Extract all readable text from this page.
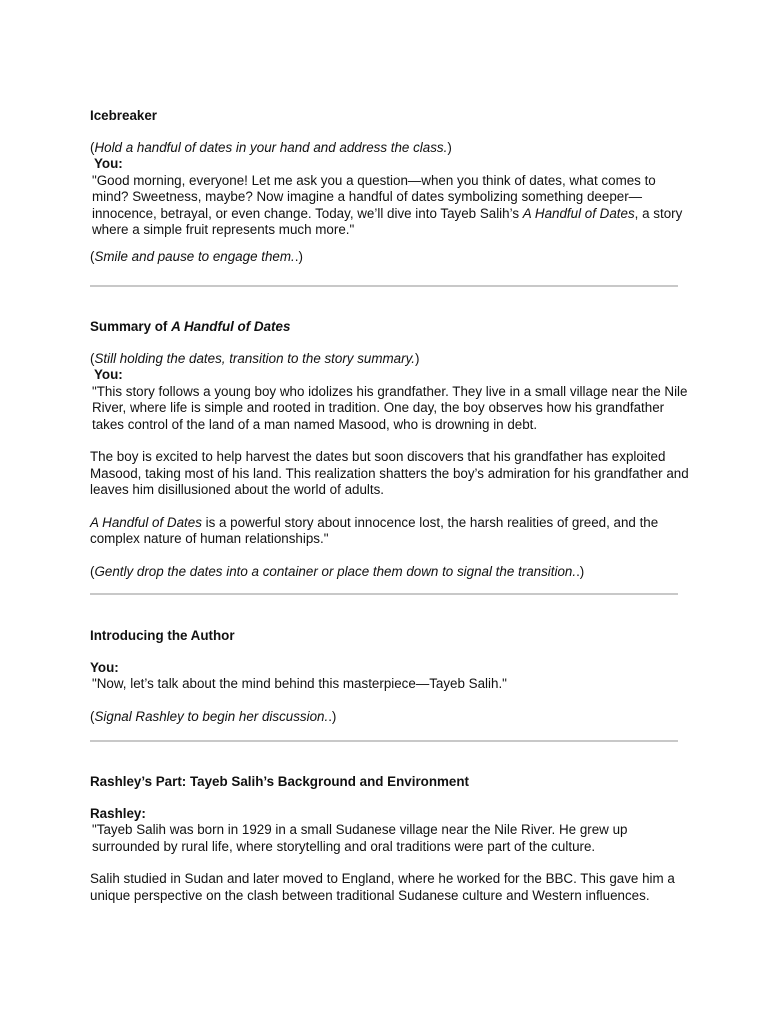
Icebreaker

(Hold a handful of dates in your hand and address the class.)

You:

"Good morning, everyone! Let me ask you a question—when you think of dates, what comes to mind? Sweetness, maybe? Now imagine a handful of dates symbolizing something deeper—innocence, betrayal, or even change. Today, we’ll dive into Tayeb Salih’s A Handful of Dates, a story where a simple fruit represents much more."

(Smile and pause to engage them..)

Summary of A Handful of Dates

(Still holding the dates, transition to the story summary.)

You:

"This story follows a young boy who idolizes his grandfather. They live in a small village near the Nile River, where life is simple and rooted in tradition. One day, the boy observes how his grandfather takes control of the land of a man named Masood, who is drowning in debt.

The boy is excited to help harvest the dates but soon discovers that his grandfather has exploited Masood, taking most of his land. This realization shatters the boy’s admiration for his grandfather and leaves him disillusioned about the world of adults.

A Handful of Dates is a powerful story about innocence lost, the harsh realities of greed, and the complex nature of human relationships."

(Gently drop the dates into a container or place them down to signal the transition..)

Introducing the Author

You:

"Now, let’s talk about the mind behind this masterpiece—Tayeb Salih."

(Signal Rashley to begin her discussion..)

Rashley’s Part: Tayeb Salih’s Background and Environment

Rashley:

"Tayeb Salih was born in 1929 in a small Sudanese village near the Nile River. He grew up surrounded by rural life, where storytelling and oral traditions were part of the culture.

Salih studied in Sudan and later moved to England, where he worked for the BBC. This gave him a unique perspective on the clash between traditional Sudanese culture and Western influences.
